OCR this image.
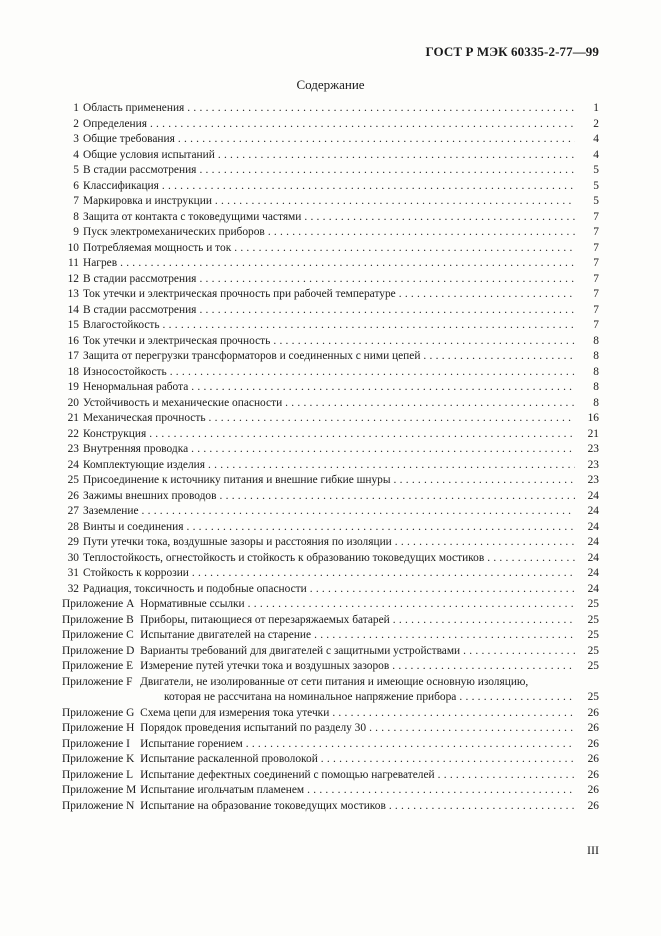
ГОСТ Р МЭК 60335-2-77—99
Содержание
1 Область применения . . .	1
2 Определения . . .	2
3 Общие требования . . .	4
4 Общие условия испытаний . . .	4
5 В стадии рассмотрения . . .	5
6 Классификация . . .	5
7 Маркировка и инструкции . . .	5
8 Защита от контакта с токоведущими частями . . .	7
9 Пуск электромеханических приборов . . .	7
10 Потребляемая мощность и ток . . .	7
11 Нагрев . . .	7
12 В стадии рассмотрения . . .	7
13 Ток утечки и электрическая прочность при рабочей температуре . . .	7
14 В стадии рассмотрения . . .	7
15 Влагостойкость . . .	7
16 Ток утечки и электрическая прочность . . .	8
17 Защита от перегрузки трансформаторов и соединенных с ними цепей . . .	8
18 Износостойкость . . .	8
19 Ненормальная работа . . .	8
20 Устойчивость и механические опасности . . .	8
21 Механическая прочность . . .	16
22 Конструкция . . .	21
23 Внутренняя проводка . . .	23
24 Комплектующие изделия . . .	23
25 Присоединение к источнику питания и внешние гибкие шнуры . . .	23
26 Зажимы внешних проводов . . .	24
27 Заземление . . .	24
28 Винты и соединения . . .	24
29 Пути утечки тока, воздушные зазоры и расстояния по изоляции . . .	24
30 Теплостойкость, огнестойкость и стойкость к образованию токоведущих мостиков . . .	24
31 Стойкость к коррозии . . .	24
32 Радиация, токсичность и подобные опасности . . .	24
Приложение A Нормативные ссылки . . .	25
Приложение B Приборы, питающиеся от перезаряжаемых батарей . . .	25
Приложение C Испытание двигателей на старение . . .	25
Приложение D Варианты требований для двигателей с защитными устройствами . . .	25
Приложение E Измерение путей утечки тока и воздушных зазоров . . .	25
Приложение F Двигатели, не изолированные от сети питания и имеющие основную изоляцию,
которая не рассчитана на номинальное напряжение прибора . . .	25
Приложение G Схема цепи для измерения тока утечки . . .	26
Приложение H Порядок проведения испытаний по разделу 30 . . .	26
Приложение I Испытание горением . . .	26
Приложение K Испытание раскаленной проволокой . . .	26
Приложение L Испытание дефектных соединений с помощью нагревателей . . .	26
Приложение M Испытание игольчатым пламенем . . .	26
Приложение N Испытание на образование токоведущих мостиков . . .	26
III
